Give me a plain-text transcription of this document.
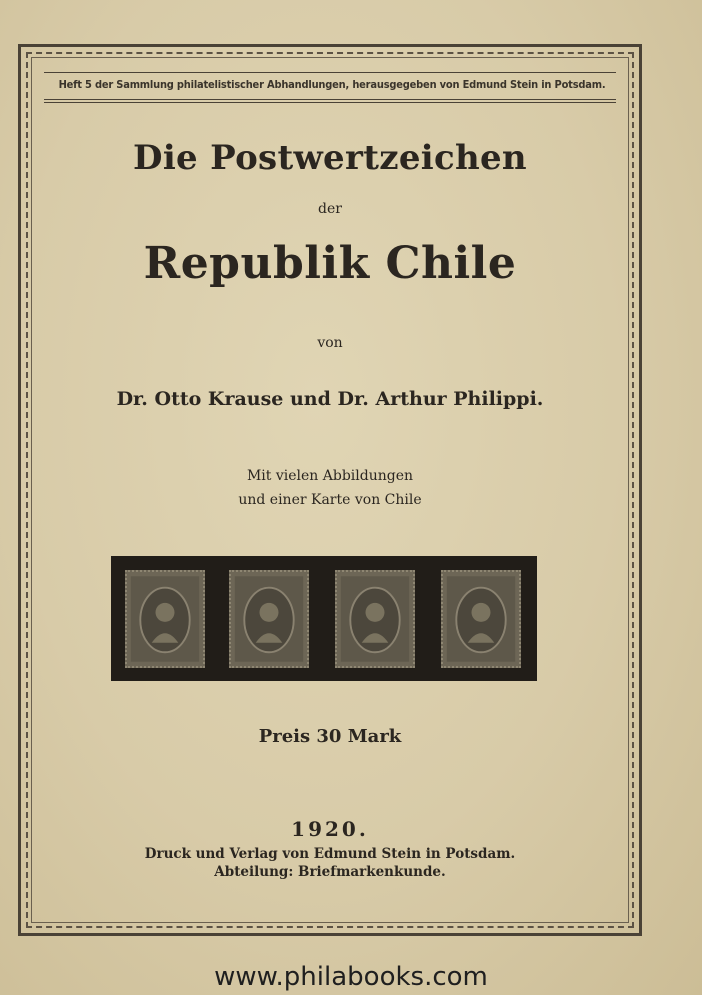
Heft 5 der Sammlung philatelistischer Abhandlungen, herausgegeben von Edmund Stein in Potsdam.
Die Postwertzeichen
der
Republik Chile
von
Dr. Otto Krause und Dr. Arthur Philippi.
Mit vielen Abbildungen
und einer Karte von Chile
Preis 30 Mark
1920.
Druck und Verlag von Edmund Stein in Potsdam.
Abteilung: Briefmarkenkunde.
www.philabooks.com
